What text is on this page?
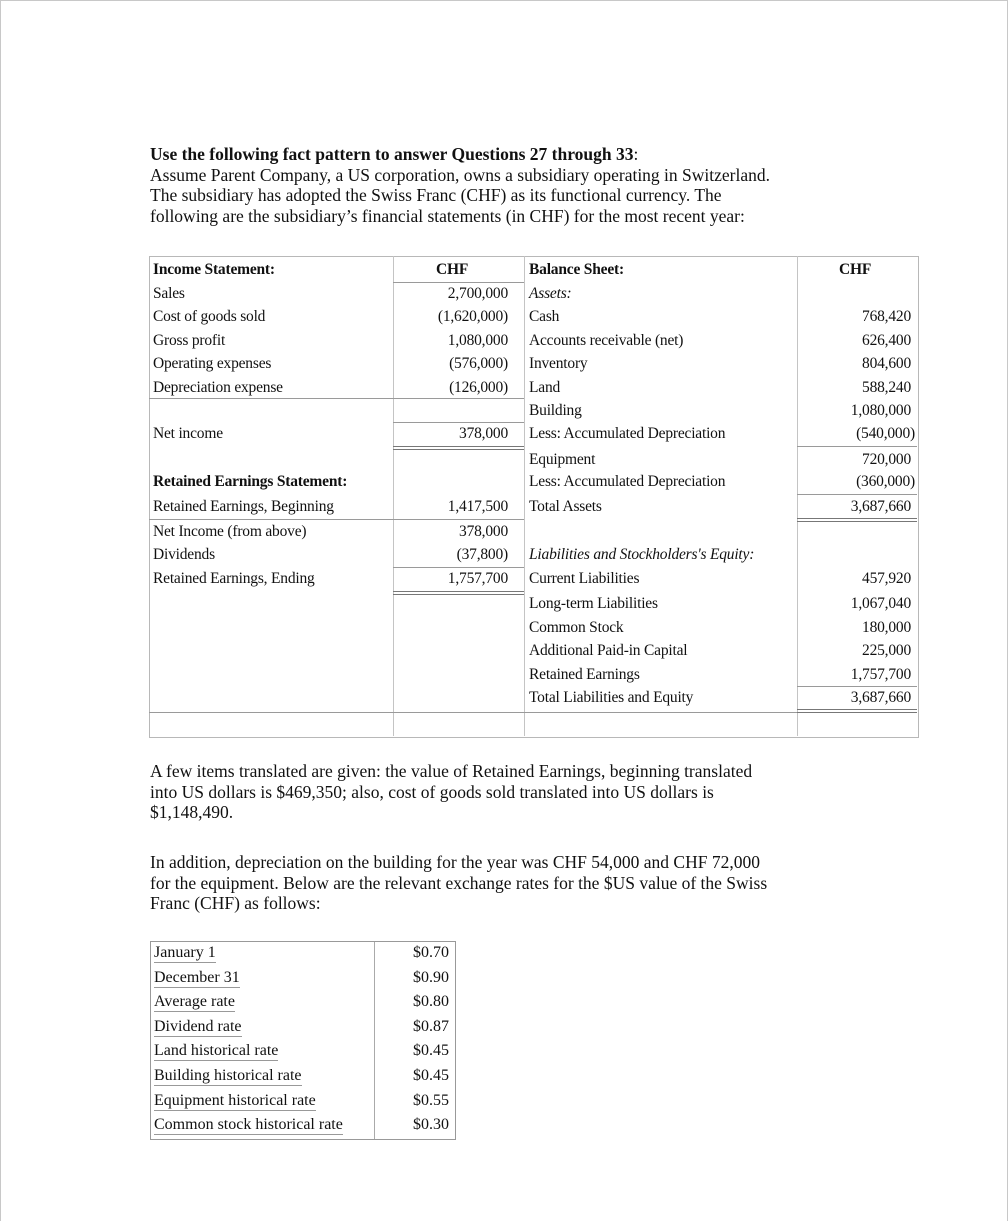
Use the following fact pattern to answer Questions 27 through 33:
Assume Parent Company, a US corporation, owns a subsidiary operating in Switzerland.
The subsidiary has adopted the Swiss Franc (CHF) as its functional currency. The
following are the subsidiary’s financial statements (in CHF) for the most recent year:
Income Statement:	CHF
Sales	2,700,000
Cost of goods sold	(1,620,000)
Gross profit	1,080,000
Operating expenses	(576,000)
Depreciation expense	(126,000)
Net income	378,000
Retained Earnings Statement:
Retained Earnings, Beginning	1,417,500
Net Income (from above)	378,000
Dividends	(37,800)
Retained Earnings, Ending	1,757,700
Balance Sheet:	CHF
Assets:
Cash	768,420
Accounts receivable (net)	626,400
Inventory	804,600
Land	588,240
Building	1,080,000
Less: Accumulated Depreciation	(540,000)
Equipment	720,000
Less: Accumulated Depreciation	(360,000)
Total Assets	3,687,660
Liabilities and Stockholders's Equity:
Current Liabilities	457,920
Long-term Liabilities	1,067,040
Common Stock	180,000
Additional Paid-in Capital	225,000
Retained Earnings	1,757,700
Total Liabilities and Equity	3,687,660
A few items translated are given: the value of Retained Earnings, beginning translated
into US dollars is $469,350; also, cost of goods sold translated into US dollars is
$1,148,490.
In addition, depreciation on the building for the year was CHF 54,000 and CHF 72,000
for the equipment. Below are the relevant exchange rates for the $US value of the Swiss
Franc (CHF) as follows:
January 1	$0.70
December 31	$0.90
Average rate	$0.80
Dividend rate	$0.87
Land historical rate	$0.45
Building historical rate	$0.45
Equipment historical rate	$0.55
Common stock historical rate	$0.30
